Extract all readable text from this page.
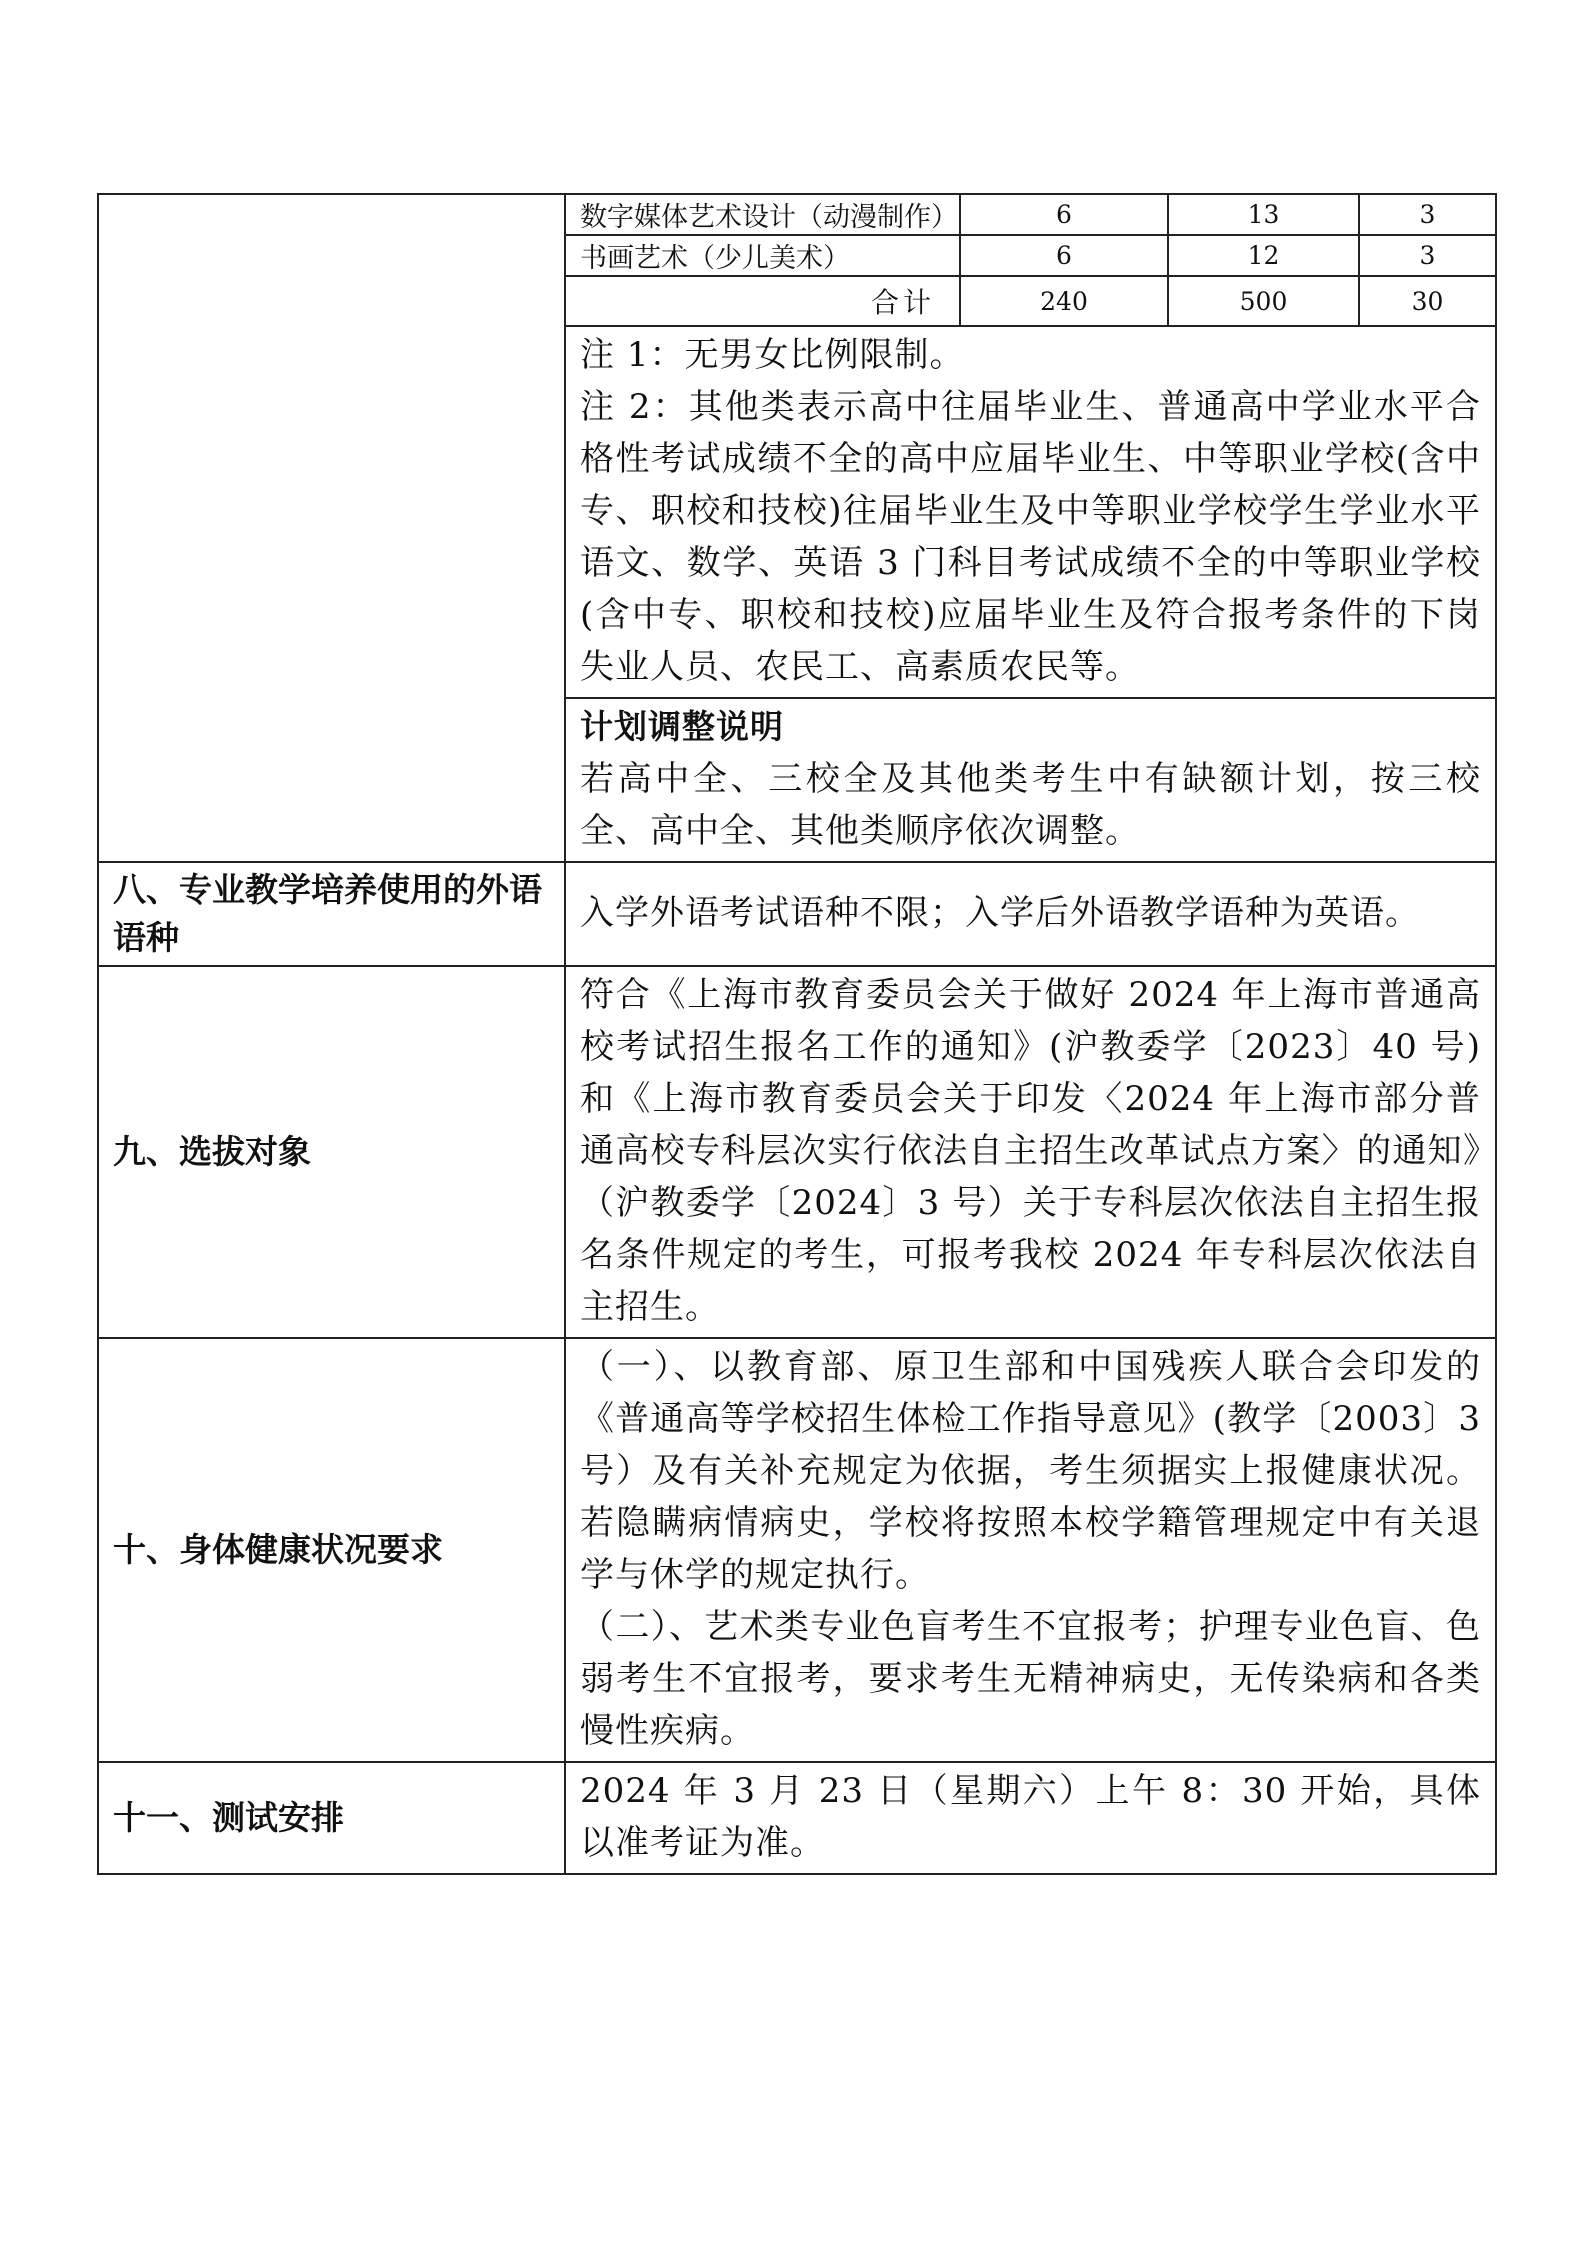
	数字媒体艺术设计（动漫制作）	6	13	3
	书画艺术（少儿美术）	6	12	3
	合计	240	500	30

	注 1：无男女比例限制。

注 2：其他类表示高中往届毕业生、普通高中学业水平合格性考试成绩不全的高中应届毕业生、中等职业学校(含中专、职校和技校)往届毕业生及中等职业学校学生学业水平语文、数学、英语 3 门科目考试成绩不全的中等职业学校(含中专、职校和技校)应届毕业生及符合报考条件的下岗失业人员、农民工、高素质农民等。			

	计划调整说明

若高中全、三校全及其他类考生中有缺额计划，按三校全、高中全、其他类顺序依次调整。			

八、专业教学培养使用的外语语种	入学外语考试语种不限；入学后外语教学语种为英语。			
九、选拔对象	符合《上海市教育委员会关于做好 2024 年上海市普通高校考试招生报名工作的通知》(沪教委学〔2023〕40 号)和《上海市教育委员会关于印发〈2024 年上海市部分普通高校专科层次实行依法自主招生改革试点方案〉的通知》（沪教委学〔2024〕3 号）关于专科层次依法自主招生报名条件规定的考生，可报考我校 2024 年专科层次依法自主招生。			
十、身体健康状况要求	（一）、以教育部、原卫生部和中国残疾人联合会印发的《普通高等学校招生体检工作指导意见》(教学〔2003〕3 号）及有关补充规定为依据，考生须据实上报健康状况。若隐瞒病情病史，学校将按照本校学籍管理规定中有关退学与休学的规定执行。

（二）、艺术类专业色盲考生不宜报考；护理专业色盲、色弱考生不宜报考，要求考生无精神病史，无传染病和各类慢性疾病。			

十一、测试安排	2024 年 3 月 23 日（星期六）上午 8：30 开始，具体以准考证为准。			
